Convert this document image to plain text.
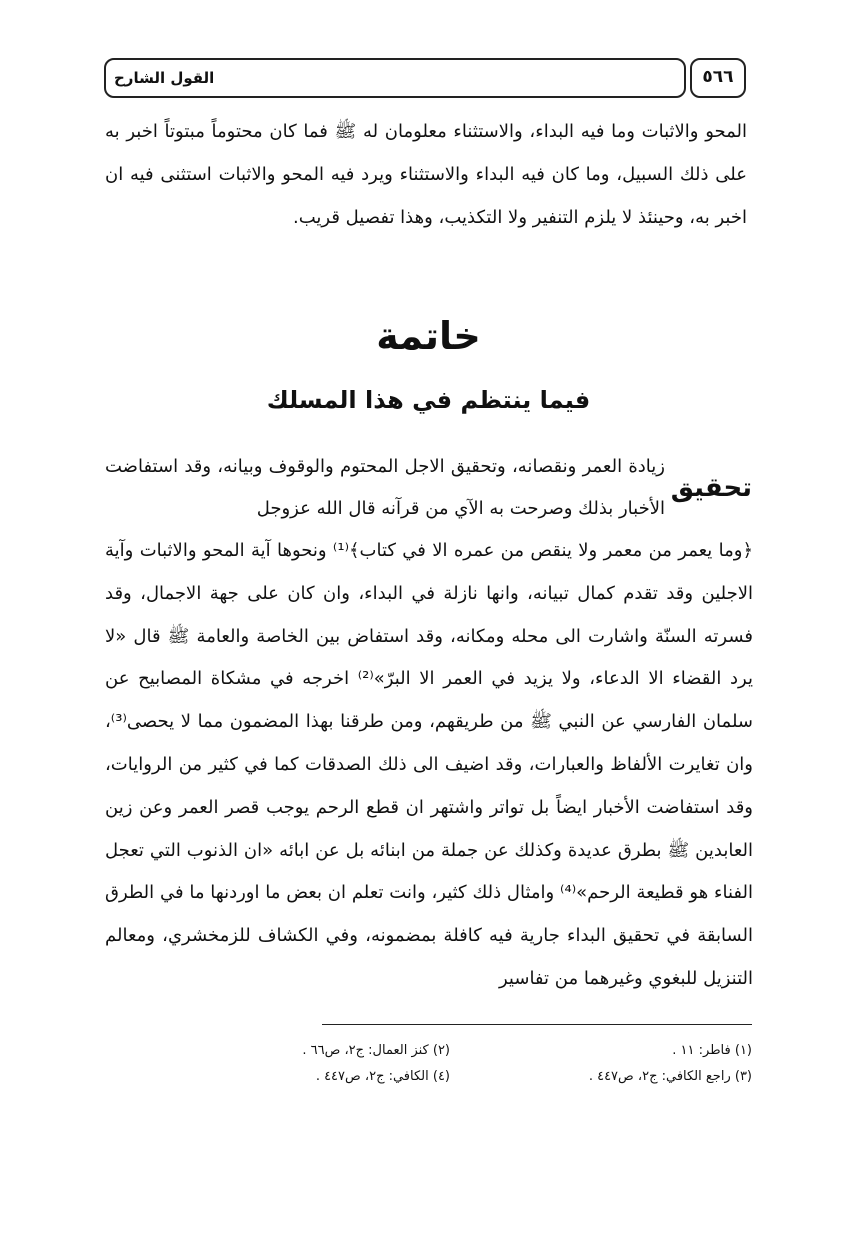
القول الشارح	٥٦٦
المحو والاثبات وما فيه البداء، والاستثناء معلومان له ﷺ فما كان محتوماً مبتوتاً اخبر به على ذلك السبيل، وما كان فيه البداء والاستثناء ويرد فيه المحو والاثبات استثنى فيه ان اخبر به، وحينئذ لا يلزم التنفير ولا التكذيب، وهذا تفصيل قريب.
خاتمة
فيما ينتظم في هذا المسلك
تحقيق
زيادة العمر ونقصانه، وتحقيق الاجل المحتوم والوقوف وبيانه، وقد استفاضت الأخبار بذلك وصرحت به الآي من قرآنه قال الله عزوجل
﴿وما يعمر من معمر ولا ينقص من عمره الا في كتاب﴾⁽¹⁾ ونحوها آية المحو والاثبات وآية الاجلين وقد تقدم كمال تبيانه، وانها نازلة في البداء، وان كان على جهة الاجمال، وقد فسرته السنّة واشارت الى محله ومكانه، وقد استفاض بين الخاصة والعامة ﷺ قال «لا يرد القضاء الا الدعاء، ولا يزيد في العمر الا البرّ»⁽²⁾ اخرجه في مشكاة المصابيح عن سلمان الفارسي عن النبي ﷺ من طريقهم، ومن طرقنا بهذا المضمون مما لا يحصى⁽³⁾، وان تغايرت الألفاظ والعبارات، وقد اضيف الى ذلك الصدقات كما في كثير من الروايات، وقد استفاضت الأخبار ايضاً بل تواتر واشتهر ان قطع الرحم يوجب قصر العمر وعن زين العابدين ﷺ بطرق عديدة وكذلك عن جملة من ابنائه بل عن ابائه «ان الذنوب التي تعجل الفناء هو قطيعة الرحم»⁽⁴⁾ وامثال ذلك كثير، وانت تعلم ان بعض ما اوردنها ما في الطرق السابقة في تحقيق البداء جارية فيه كافلة بمضمونه، وفي الكشاف للزمخشري، ومعالم التنزيل للبغوي وغيرهما من تفاسير
(١) فاطر: ١١ .
(٢) كنز العمال: ج٢، ص٦٦ .
(٣) راجع الكافي: ج٢، ص٤٤٧ .
(٤) الكافي: ج٢، ص٤٤٧ .
